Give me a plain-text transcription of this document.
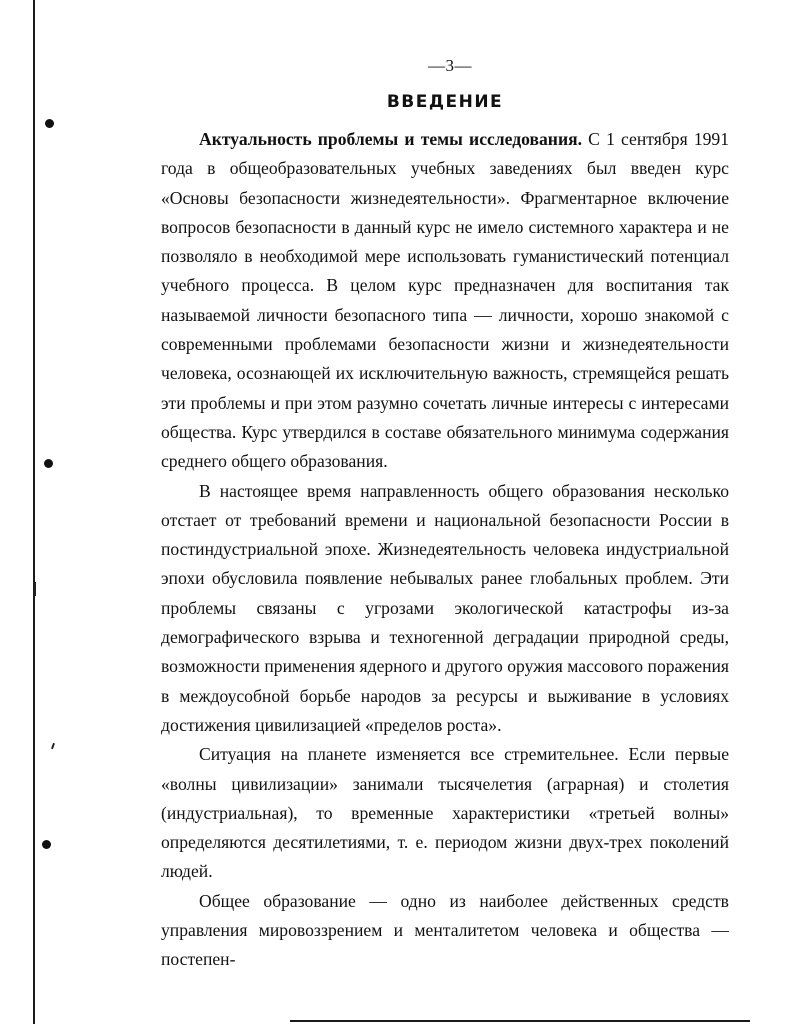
—3—
ВВЕДЕНИЕ

Актуальность проблемы и темы исследования. С 1 сентября 1991 года в общеобразовательных учебных заведениях был введен курс «Основы безопасности жизнедеятельности». Фрагментарное включение вопросов безопасности в данный курс не имело системного характера и не позволяло в необходимой мере использовать гуманистический потенциал учебного процесса. В целом курс предназначен для воспитания так называемой личности безопасного типа — личности, хорошо знакомой с современными проблемами безопасности жизни и жизнедеятельности человека, осознающей их исключительную важность, стремящейся решать эти проблемы и при этом разумно сочетать личные интересы с интересами общества. Курс утвердился в составе обязательного минимума содержания среднего общего образования.

В настоящее время направленность общего образования несколько отстает от требований времени и национальной безопасности России в постиндустриальной эпохе. Жизнедеятельность человека индустриальной эпохи обусловила появление небывалых ранее глобальных проблем. Эти проблемы связаны с угрозами экологической катастрофы из-за демографического взрыва и техногенной деградации природной среды, возможности применения ядерного и другого оружия массового поражения в междоусобной борьбе народов за ресурсы и выживание в условиях достижения цивилизацией «пределов роста».

Ситуация на планете изменяется все стремительнее. Если первые «волны цивилизации» занимали тысячелетия (аграрная) и столетия (индустриальная), то временные характеристики «третьей волны» определяются десятилетиями, т. е. периодом жизни двух-трех поколений людей.

Общее образование — одно из наиболее действенных средств управления мировоззрением и менталитетом человека и общества — постепен-
